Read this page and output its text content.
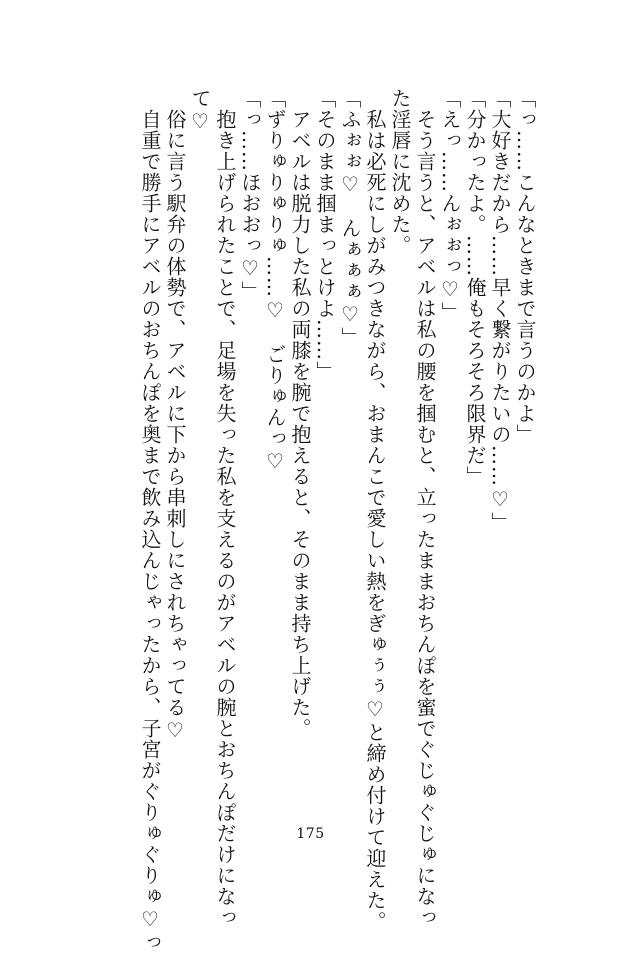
「っ……こんなときまで言うのかよ」
「大好きだから……早く繋がりたいの……♡」
「分かったよ。……俺もそろそろ限界だ」
「えっ……んぉぉっ♡」
　そう言うと、アベルは私の腰を掴むと、立ったままおちんぽを蜜でぐじゅぐじゅになっ
た淫唇に沈めた。
　私は必死にしがみつきながら、おまんこで愛しい熱をぎゅぅぅ♡と締め付けて迎えた。
「ふぉぉ♡　んぁぁぁ♡」
「そのまま掴まっとけよ……」
　アベルは脱力した私の両膝を腕で抱えると、そのまま持ち上げた。
「ずりゅりゅりゅ……♡　ごりゅんっ♡
「っ……ほおおっ♡」
　抱き上げられたことで、足場を失った私を支えるのがアベルの腕とおちんぽだけになっ
て♡
　俗に言う駅弁の体勢で、アベルに下から串刺しにされちゃってる♡
　自重で勝手にアベルのおちんぽを奥まで飲み込んじゃったから、子宮がぐりゅぐりゅ♡っ	175
